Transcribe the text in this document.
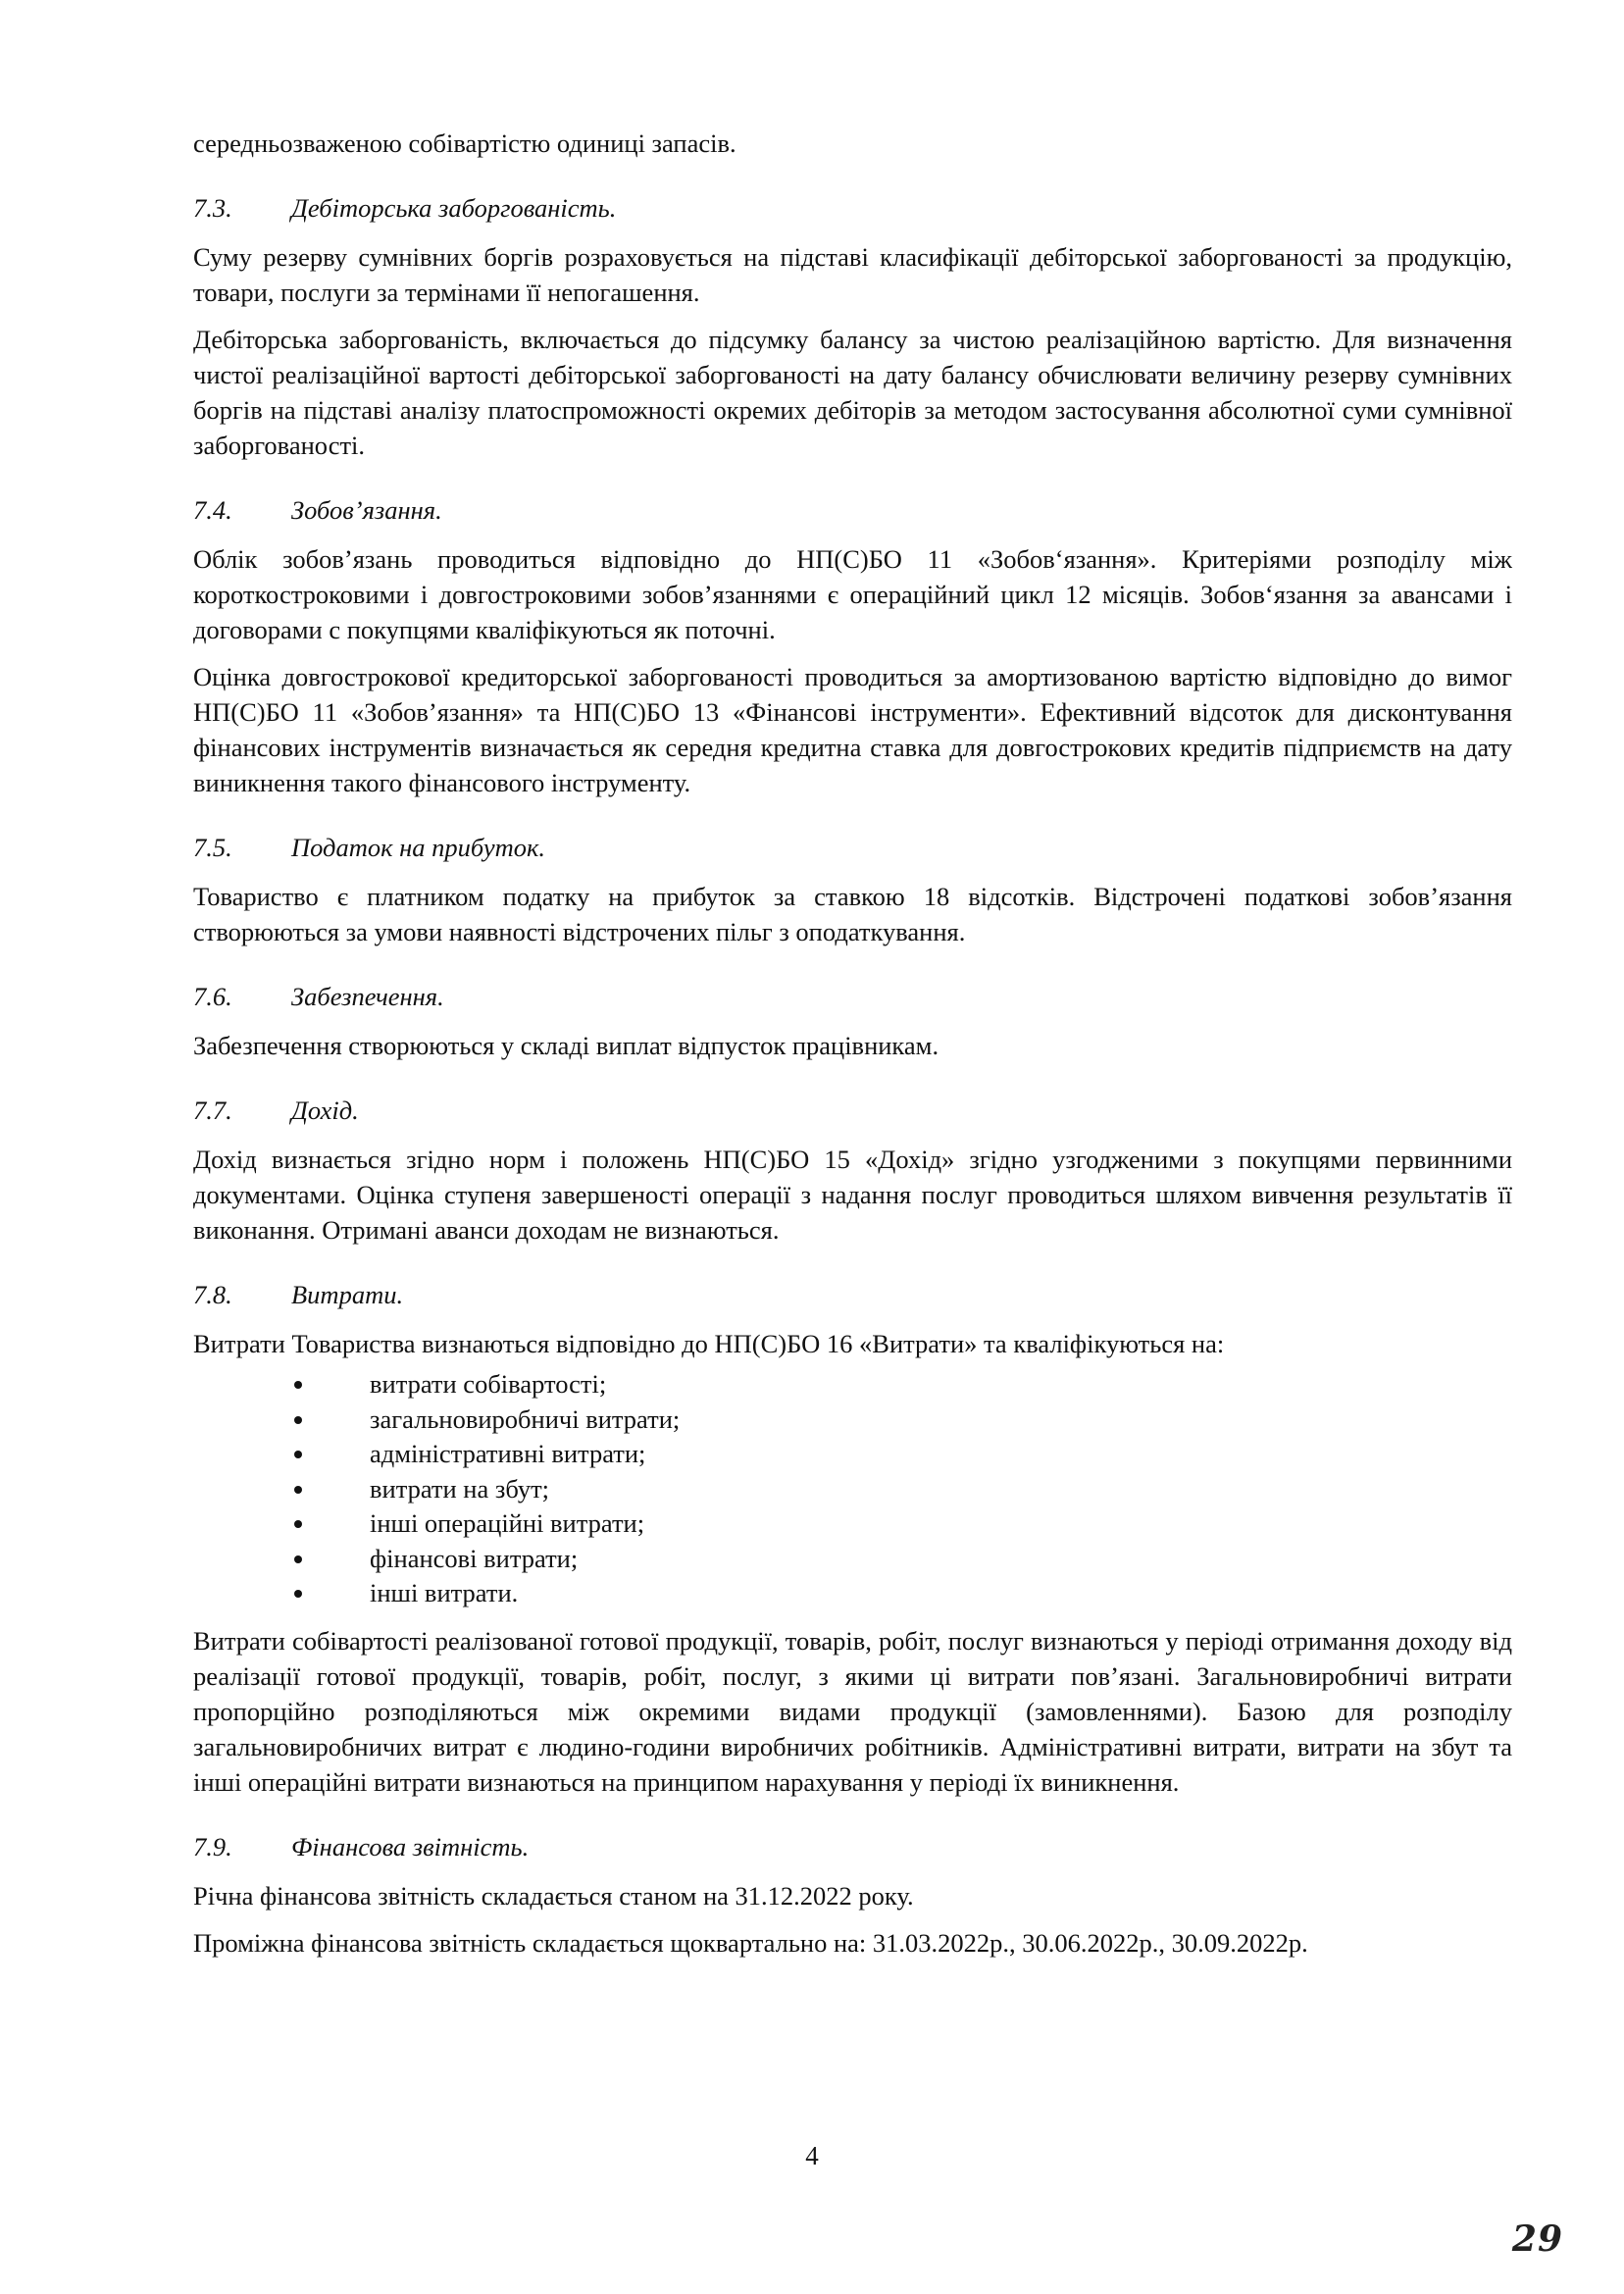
середньозваженою собівартістю одиниці запасів.

7.3. Дебіторська заборгованість.

Суму резерву сумнівних боргів розраховується на підставі класифікації дебіторської заборгованості за продукцію, товари, послуги за термінами її непогашення.

Дебіторська заборгованість, включається до підсумку балансу за чистою реалізаційною вартістю. Для визначення чистої реалізаційної вартості дебіторської заборгованості на дату балансу обчислювати величину резерву сумнівних боргів на підставі аналізу платоспроможності окремих дебіторів за методом застосування абсолютної суми сумнівної заборгованості.

7.4. Зобов’язання.

Облік зобов’язань проводиться відповідно до НП(С)БО 11 «Зобов‘язання». Критеріями розподілу між короткостроковими і довгостроковими зобов’язаннями є операційний цикл 12 місяців. Зобов‘язання за авансами і договорами с покупцями кваліфікуються як поточні.

Оцінка довгострокової кредиторської заборгованості проводиться за амортизованою вартістю відповідно до вимог НП(С)БО 11 «Зобов’язання» та НП(С)БО 13 «Фінансові інструменти». Ефективний відсоток для дисконтування фінансових інструментів визначається як середня кредитна ставка для довгострокових кредитів підприємств на дату виникнення такого фінансового інструменту.

7.5. Податок на прибуток.

Товариство є платником податку на прибуток за ставкою 18 відсотків. Відстрочені податкові зобов’язання створюються за умови наявності відстрочених пільг з оподаткування.

7.6. Забезпечення.

Забезпечення створюються у складі виплат відпусток працівникам.

7.7. Дохід.

Дохід визнається згідно норм і положень НП(С)БО 15 «Дохід» згідно узгодженими з покупцями первинними документами. Оцінка ступеня завершеності операції з надання послуг проводиться шляхом вивчення результатів її виконання. Отримані аванси доходам не визнаються.

7.8. Витрати.

Витрати Товариства визнаються відповідно до НП(С)БО 16 «Витрати» та кваліфікуються на:

витрати собівартості;
загальновиробничі витрати;
адміністративні витрати;
витрати на збут;
інші операційні витрати;
фінансові витрати;
інші витрати.

Витрати собівартості реалізованої готової продукції, товарів, робіт, послуг визнаються у періоді отримання доходу від реалізації готової продукції, товарів, робіт, послуг, з якими ці витрати пов’язані. Загальновиробничі витрати пропорційно розподіляються між окремими видами продукції (замовленнями). Базою для розподілу загальновиробничих витрат є людино-години виробничих робітників. Адміністративні витрати, витрати на збут та інші операційні витрати визнаються на принципом нарахування у періоді їх виникнення.

7.9. Фінансова звітність.

Річна фінансова звітність складається станом на 31.12.2022 року.

Проміжна фінансова звітність складається щоквартально на: 31.03.2022р., 30.06.2022р., 30.09.2022р.

4
29
